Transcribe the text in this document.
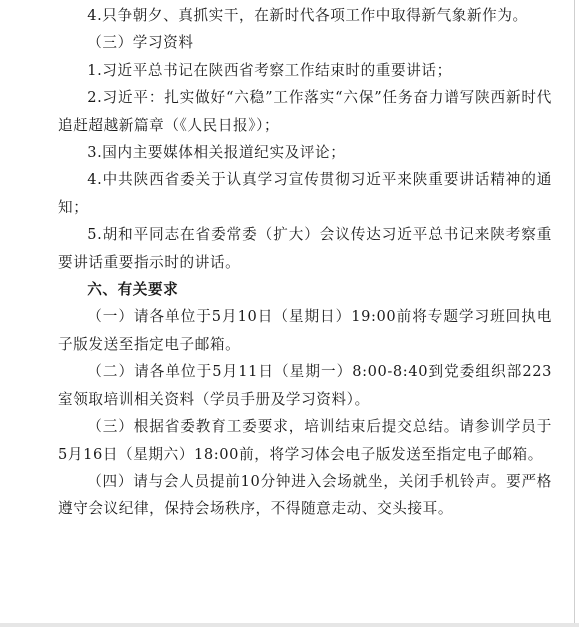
4.只争朝夕、真抓实干，在新时代各项工作中取得新气象新作为。

（三）学习资料

1.习近平总书记在陕西省考察工作结束时的重要讲话；

2.习近平：扎实做好“六稳”工作落实“六保”任务奋力谱写陕西新时代追赶超越新篇章（《人民日报》）；

3.国内主要媒体相关报道纪实及评论；

4.中共陕西省委关于认真学习宣传贯彻习近平来陕重要讲话精神的通知；

5.胡和平同志在省委常委（扩大）会议传达习近平总书记来陕考察重要讲话重要指示时的讲话。

六、有关要求

（一）请各单位于5月10日（星期日）19:00前将专题学习班回执电子版发送至指定电子邮箱。

（二）请各单位于5月11日（星期一）8:00-8:40到党委组织部223室领取培训相关资料（学员手册及学习资料）。

（三）根据省委教育工委要求，培训结束后提交总结。请参训学员于5月16日（星期六）18:00前，将学习体会电子版发送至指定电子邮箱。

（四）请与会人员提前10分钟进入会场就坐，关闭手机铃声。要严格遵守会议纪律，保持会场秩序，不得随意走动、交头接耳。
